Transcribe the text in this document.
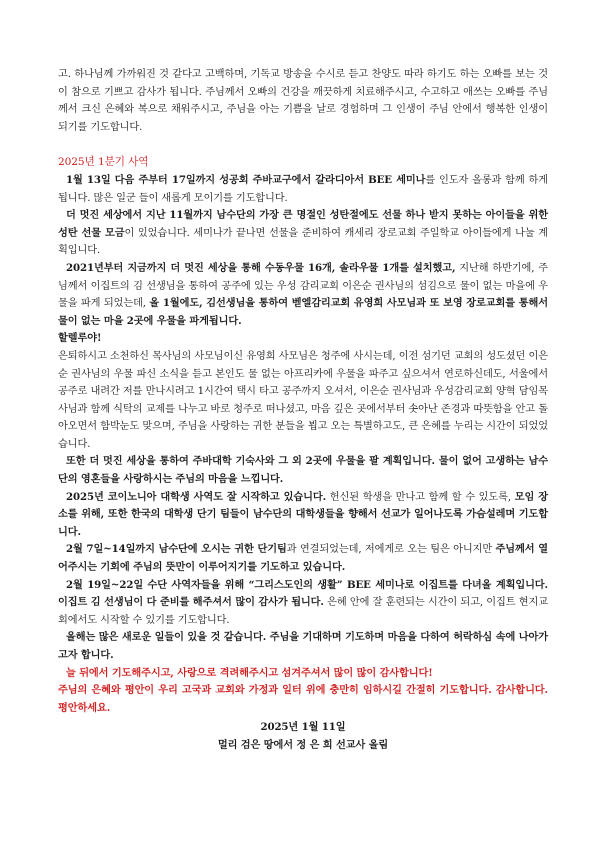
고. 하나님께 가까워진 것 같다고 고백하며, 기독교 방송을 수시로 듣고 찬양도 따라 하기도 하는 오빠를 보는 것이 참으로 기쁘고 감사가 됩니다. 주님께서 오빠의 건강을 깨끗하게 치료해주시고, 수고하고 애쓰는 오빠를 주님께서 크신 은혜와 복으로 채워주시고, 주님을 아는 기쁨을 날로 경험하며 그 인생이 주님 안에서 행복한 인생이 되기를 기도합니다.

2025년 1분기 사역

1월 13일 다음 주부터 17일까지 성공회 주바교구에서 갈라디아서 BEE 세미나를 인도자 올롱과 함께 하게 됩니다. 많은 일군 들이 새롭게 모이기를 기도합니다.

더 멋진 세상에서 지난 11월까지 남수단의 가장 큰 명절인 성탄절에도 선물 하나 받지 못하는 아이들을 위한 성탄 선물 모금이 있었습니다. 세미나가 끝나면 선물을 준비하여 캐세리 장로교회 주일학교 아이들에게 나눌 계획입니다.

2021년부터 지금까지 더 멋진 세상을 통해 수동우물 16개, 솔라우물 1개를 설치했고, 지난해 하반기에, 주님께서 이집트의 김 선생님을 통하여 공주에 있는 우성 감리교회 이은순 권사님의 섬김으로 물이 없는 마을에 우물을 파게 되었는데, 올 1월에도, 김선생님을 통하여 벧엘감리교회 유영희 사모님과 또 보영 장로교회를 통해서 물이 없는 마을 2곳에 우물을 파게됩니다.

할렐루야!

은퇴하시고 소천하신 목사님의 사모님이신 유영희 사모님은 청주에 사시는데, 이전 섬기던 교회의 성도셨던 이은순 권사님의 우물 파신 소식을 듣고 본인도 물 없는 아프리카에 우물을 파주고 싶으셔서 연로하신데도, 서울에서 공주로 내려간 저를 만나시려고 1시간여 택시 타고 공주까지 오셔서, 이은순 권사님과 우성감리교회 양혁 담임목사님과 함께 식탁의 교제를 나누고 바로 청주로 떠나셨고, 마음 깊은 곳에서부터 솟아난 존경과 따뜻함을 안고 돌아오면서 함박눈도 맞으며, 주님을 사랑하는 귀한 분들을 뵙고 오는 특별하고도, 큰 은혜를 누리는 시간이 되었었습니다.

또한 더 멋진 세상을 통하여 주바대학 기숙사와 그 외 2곳에 우물을 팔 계획입니다. 물이 없어 고생하는 남수단의 영혼들을 사랑하시는 주님의 마음을 느낍니다.

2025년 코이노니아 대학생 사역도 잘 시작하고 있습니다. 헌신된 학생을 만나고 함께 할 수 있도록, 모임 장소를 위해, 또한 한국의 대학생 단기 팀들이 남수단의 대학생들을 향해서 선교가 일어나도록 가슴설레며 기도합니다.

2월 7일~14일까지 남수단에 오시는 귀한 단기팀과 연결되었는데, 저에게로 오는 팀은 아니지만 주님께서 열어주시는 기회에 주님의 뜻만이 이루어지기를 기도하고 있습니다.

2월 19일~22일 수단 사역자들을 위해 “그리스도인의 생활” BEE 세미나로 이집트를 다녀올 계획입니다. 이집트 김 선생님이 다 준비를 해주셔서 많이 감사가 됩니다. 은혜 안에 잘 훈련되는 시간이 되고, 이집트 현지교회에서도 시작할 수 있기를 기도합니다.

올해는 많은 새로운 일들이 있을 것 같습니다. 주님을 기대하며 기도하며 마음을 다하여 허락하심 속에 나아가고자 합니다.

늘 뒤에서 기도해주시고, 사랑으로 격려해주시고 섬겨주셔서 많이 많이 감사합니다!

주님의 은혜와 평안이 우리 고국과 교회와 가정과 일터 위에 충만히 임하시길 간절히 기도합니다. 감사합니다. 평안하세요.

2025년 1월 11일

멀리 검은 땅에서 정 은 희 선교사 올림
